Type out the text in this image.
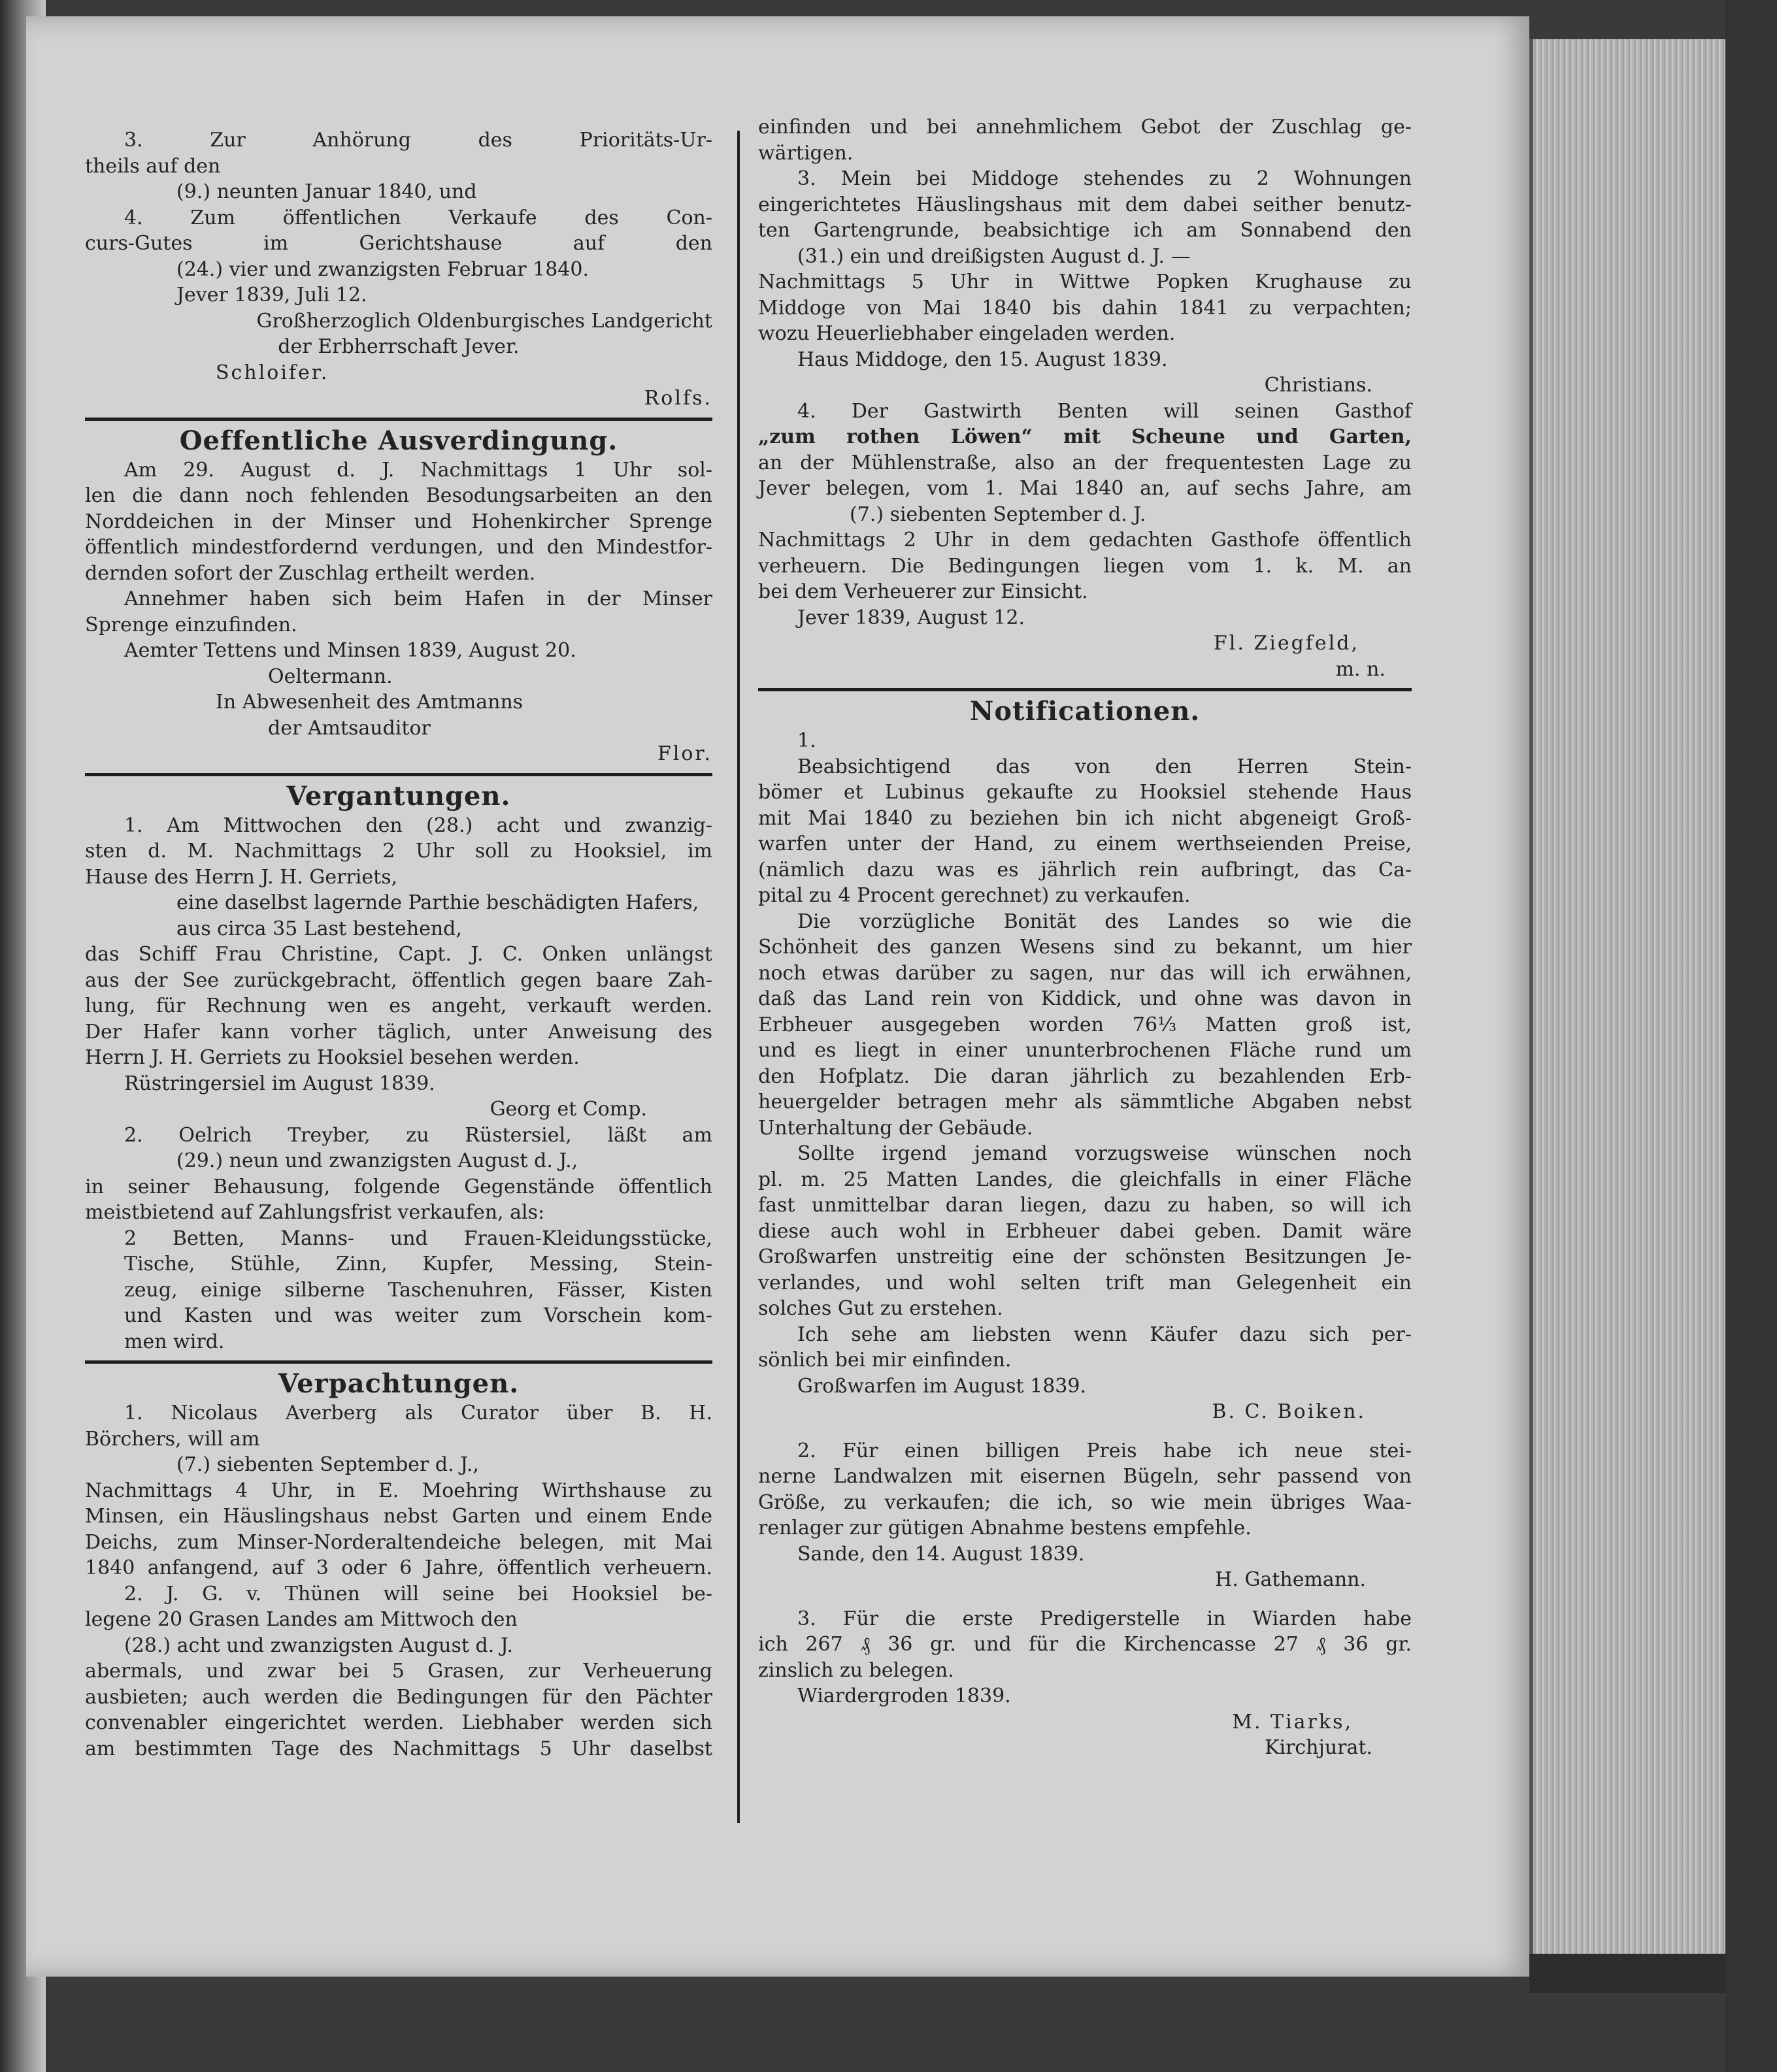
3. Zur Anhörung des Prioritäts-Ur-
theils auf den
(9.) neunten Januar 1840, und
4. Zum öffentlichen Verkaufe des Con-
curs-Gutes im Gerichtshause auf den
(24.) vier und zwanzigsten Februar 1840.
Jever 1839, Juli 12.
Großherzoglich Oldenburgisches Landgericht
der Erbherrschaft Jever.
Schloifer.
Rolfs.
Oeffentliche Ausverdingung.
Am 29. August d. J. Nachmittags 1 Uhr sol-
len die dann noch fehlenden Besodungsarbeiten an den
Norddeichen in der Minser und Hohenkircher Sprenge
öffentlich mindestfordernd verdungen, und den Mindestfor-
dernden sofort der Zuschlag ertheilt werden.
Annehmer haben sich beim Hafen in der Minser
Sprenge einzufinden.
Aemter Tettens und Minsen 1839, August 20.
Oeltermann.
In Abwesenheit des Amtmanns
der Amtsauditor
Flor.
Vergantungen.
1. Am Mittwochen den (28.) acht und zwanzig-
sten d. M. Nachmittags 2 Uhr soll zu Hooksiel, im
Hause des Herrn J. H. Gerriets,
eine daselbst lagernde Parthie beschädigten Hafers,
aus circa 35 Last bestehend,
das Schiff Frau Christine, Capt. J. C. Onken unlängst
aus der See zurückgebracht, öffentlich gegen baare Zah-
lung, für Rechnung wen es angeht, verkauft werden.
Der Hafer kann vorher täglich, unter Anweisung des
Herrn J. H. Gerriets zu Hooksiel besehen werden.
Rüstringersiel im August 1839.
Georg et Comp.
2. Oelrich Treyber, zu Rüstersiel, läßt am
(29.) neun und zwanzigsten August d. J.,
in seiner Behausung, folgende Gegenstände öffentlich
meistbietend auf Zahlungsfrist verkaufen, als:
2 Betten, Manns- und Frauen-Kleidungsstücke,
Tische, Stühle, Zinn, Kupfer, Messing, Stein-
zeug, einige silberne Taschenuhren, Fässer, Kisten
und Kasten und was weiter zum Vorschein kom-
men wird.
Verpachtungen.
1. Nicolaus Averberg als Curator über B. H.
Börchers, will am
(7.) siebenten September d. J.,
Nachmittags 4 Uhr, in E. Moehring Wirthshause zu
Minsen, ein Häuslingshaus nebst Garten und einem Ende
Deichs, zum Minser-Norderaltendeiche belegen, mit Mai
1840 anfangend, auf 3 oder 6 Jahre, öffentlich verheuern.
2. J. G. v. Thünen will seine bei Hooksiel be-
legene 20 Grasen Landes am Mittwoch den
(28.) acht und zwanzigsten August d. J.
abermals, und zwar bei 5 Grasen, zur Verheuerung
ausbieten; auch werden die Bedingungen für den Pächter
convenabler eingerichtet werden. Liebhaber werden sich
am bestimmten Tage des Nachmittags 5 Uhr daselbst
einfinden und bei annehmlichem Gebot der Zuschlag ge-
wärtigen.
3. Mein bei Middoge stehendes zu 2 Wohnungen
eingerichtetes Häuslingshaus mit dem dabei seither benutz-
ten Gartengrunde, beabsichtige ich am Sonnabend den
(31.) ein und dreißigsten August d. J. —
Nachmittags 5 Uhr in Wittwe Popken Krughause zu
Middoge von Mai 1840 bis dahin 1841 zu verpachten;
wozu Heuerliebhaber eingeladen werden.
Haus Middoge, den 15. August 1839.
Christians.
4. Der Gastwirth Benten will seinen Gasthof
„zum rothen Löwen“ mit Scheune und Garten,
an der Mühlenstraße, also an der frequentesten Lage zu
Jever belegen, vom 1. Mai 1840 an, auf sechs Jahre, am
(7.) siebenten September d. J.
Nachmittags 2 Uhr in dem gedachten Gasthofe öffentlich
verheuern. Die Bedingungen liegen vom 1. k. M. an
bei dem Verheuerer zur Einsicht.
Jever 1839, August 12.
Fl. Ziegfeld,
m. n.
Notificationen.
1.
Beabsichtigend das von den Herren Stein-
bömer et Lubinus gekaufte zu Hooksiel stehende Haus
mit Mai 1840 zu beziehen bin ich nicht abgeneigt Groß-
warfen unter der Hand, zu einem werthseienden Preise,
(nämlich dazu was es jährlich rein aufbringt, das Ca-
pital zu 4 Procent gerechnet) zu verkaufen.
Die vorzügliche Bonität des Landes so wie die
Schönheit des ganzen Wesens sind zu bekannt, um hier
noch etwas darüber zu sagen, nur das will ich erwähnen,
daß das Land rein von Kiddick, und ohne was davon in
Erbheuer ausgegeben worden 76⅓ Matten groß ist,
und es liegt in einer ununterbrochenen Fläche rund um
den Hofplatz. Die daran jährlich zu bezahlenden Erb-
heuergelder betragen mehr als sämmtliche Abgaben nebst
Unterhaltung der Gebäude.
Sollte irgend jemand vorzugsweise wünschen noch
pl. m. 25 Matten Landes, die gleichfalls in einer Fläche
fast unmittelbar daran liegen, dazu zu haben, so will ich
diese auch wohl in Erbheuer dabei geben. Damit wäre
Großwarfen unstreitig eine der schönsten Besitzungen Je-
verlandes, und wohl selten trift man Gelegenheit ein
solches Gut zu erstehen.
Ich sehe am liebsten wenn Käufer dazu sich per-
sönlich bei mir einfinden.
Großwarfen im August 1839.
B. C. Boiken.
2. Für einen billigen Preis habe ich neue stei-
nerne Landwalzen mit eisernen Bügeln, sehr passend von
Größe, zu verkaufen; die ich, so wie mein übriges Waa-
renlager zur gütigen Abnahme bestens empfehle.
Sande, den 14. August 1839.
H. Gathemann.
3. Für die erste Predigerstelle in Wiarden habe
ich 267 ₰ 36 gr. und für die Kirchencasse 27 ₰ 36 gr.
zinslich zu belegen.
Wiardergroden 1839.
M. Tiarks,
Kirchjurat.
